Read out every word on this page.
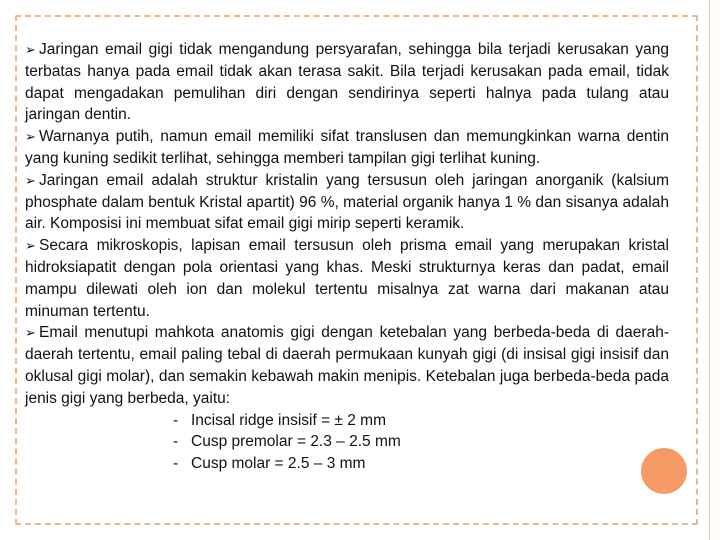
➢ Jaringan email gigi tidak mengandung persyarafan, sehingga bila terjadi kerusakan yang terbatas hanya pada email tidak akan terasa sakit. Bila terjadi kerusakan pada email, tidak dapat mengadakan pemulihan diri dengan sendirinya seperti halnya pada tulang atau jaringan dentin.

➢ Warnanya putih, namun email memiliki sifat translusen dan memungkinkan warna dentin yang kuning sedikit terlihat, sehingga memberi tampilan gigi terlihat kuning.

➢ Jaringan email adalah struktur kristalin yang tersusun oleh jaringan anorganik (kalsium phosphate dalam bentuk Kristal apartit) 96 %, material organik hanya 1 % dan sisanya adalah air. Komposisi ini membuat sifat email gigi mirip seperti keramik.

➢ Secara mikroskopis, lapisan email tersusun oleh prisma email yang merupakan kristal hidroksiapatit dengan pola orientasi yang khas. Meski strukturnya keras dan padat, email mampu dilewati oleh ion dan molekul tertentu misalnya zat warna dari makanan atau minuman tertentu.

➢ Email menutupi mahkota anatomis gigi dengan ketebalan yang berbeda-beda di daerah-daerah tertentu, email paling tebal di daerah permukaan kunyah gigi (di insisal gigi insisif dan oklusal gigi molar), dan semakin kebawah makin menipis. Ketebalan juga berbeda-beda pada jenis gigi yang berbeda, yaitu:

- Incisal ridge insisif = ± 2 mm

- Cusp premolar = 2.3 – 2.5 mm

- Cusp molar = 2.5 – 3 mm
